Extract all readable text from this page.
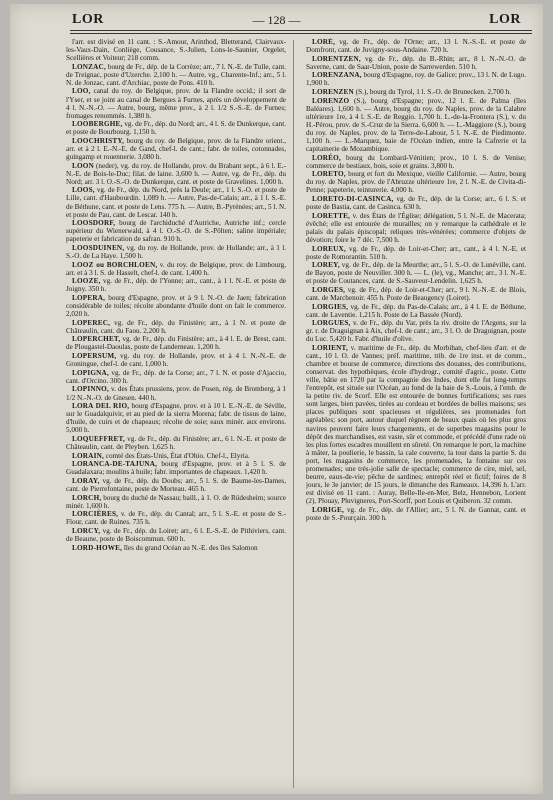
LOR	— 128 —	LOR

l'arr. est divisé en 11 cant. : S.-Amour, Arinthod, Bletterand, Clairvaux-les-Vaux-Dain, Conliège, Cousance, S.-Julien, Lons-le-Saunier, Orgelet, Scellières et Voiteur; 218 comm.

LONZAC, bourg de Fr., dép. de la Corrèze; arr., 7 l. N.-E. de Tulle, cant. de Treignac, poste d'Uzerche. 2,100 h. — Autre, vg., Charente-Inf.; arr., 5 l. N. de Jonzac, cant. d'Archiac, poste de Pons. 410 h.

LOO, canal du roy. de Belgique, prov. de la Flandre occid.; il sort de l'Yser, et se joint au canal de Bergues à Furnes, après un développement de 4 l. N.-N.-O. — Autre, bourg, même prov., à 2 l. 1/2 S.-S.-E. de Furnes; fromages renommés. 1,380 h.

LOOBERGHE, vg. de Fr., dép. du Nord; arr., 4 l. S. de Dunkerque, cant. et poste de Bourbourg. 1,150 h.

LOOCHRISTY, bourg du roy. de Belgique, prov. de la Flandre orient., arr. et à 2 l. E.-N.-E. de Gand, chef-l. de cant.; fabr. de toiles, cotonnades, guingamp et rouennerie. 3,080 h.

LOON (neder), vg. du roy. de Hollande, prov. du Brabant sept., à 6 l. E.-N.-E. de Bois-le-Duc; filat. de laine. 3,600 h. — Autre, vg. de Fr., dép. du Nord; arr. 3 l. O.-S.-O. de Dunkerque, cant. et poste de Gravelines. 1,000 h.

LOOS, vg. de Fr., dép. du Nord, près la Deule; arr., 1 l. S.-O. et poste de Lille, cant. d'Haubourdin. 1,089 h. — Autre, Pas-de-Calais; arr., à 1 l. S.-E. de Béthune, cant. et poste de Lens. 775 h. — Autre, B.-Pyrénées; arr., 5 l. N. et poste de Pau, cant. de Lescar. 140 h.

LOOSDORF, bourg de l'archiduché d'Autriche, Autriche inf.; cercle supérieur du Wienerwald, à 4 l. O.-S.-O. de S.-Pölten; saline impériale; papeterie et fabrication de safran. 910 h.

LOOSDUINEN, vg. du roy. de Hollande, prov. de Hollande; arr., à 1 l. S.-O. de La Haye. 1,500 h.

LOOZ ou BORCHLOEN, v. du roy. de Belgique, prov. de Limbourg, arr. et à 3 l. S. de Hasselt, chef-l. de cant. 1,400 h.

LOOZE, vg. de Fr., dép. de l'Yonne; arr., cant., à 1 l. N.-E. et poste de Joigny. 350 h.

LOPERA, bourg d'Espagne, prov. et à 9 l. N.-O. de Jaen; fabrication considérable de toiles; récolte abondante d'huile dont on fait le commerce. 2,020 h.

LOPEREC, vg. de Fr., dép. du Finistère; arr., à 1 N. et poste de Châteaulin, cant. du Faou. 2,200 h.

LOPERCHET, vg. de Fr., dép. du Finistère; arr., à 4 l. E. de Brest, cant. de Plougastel-Daoulas, poste de Landerneau. 1,200 h.

LOPERSUM, vg. du roy. de Hollande, prov. et à 4 l. N.-N.-E. de Groningue, chef-l. de cant. 1,000 h.

LOPIGNA, vg. de Fr., dép. de la Corse; arr., 7 l. N. et poste d'Ajaccio, cant. d'Orcino. 300 h.

LOPINNO, v. des États prussiens, prov. de Posen, rég. de Bromberg, à 1 1/2 N.-N.-O. de Gnesen. 440 h.

LORA DEL RIO, bourg d'Espagne, prov. et à 10 l. E.-N.-E. de Séville, sur le Guadalquivir, et au pied de la sierra Morena; fabr. de tissus de laine, d'huile, de cuirs et de chapeaux; récolte de soie; eaux minér. aux environs. 5,000 h.

LOQUEFFRET, vg. de Fr., dép. du Finistère; arr., 6 l. N.-E. et poste de Châteaulin, cant. de Pleyben. 1,625 h.

LORAIN, comté des États-Unis, État d'Ohio. Chef-l., Elyria.

LORANCA-DE-TAJUNA, bourg d'Espagne, prov. et à 5 l. S. de Guadalaxara; moulins à huile; fabr. importantes de chapeaux. 1,420 h.

LORAY, vg. de Fr., dép. du Doubs; arr., 5 l. S. de Baume-les-Dames, cant. de Pierrefontaine, poste de Morteau. 465 h.

LORCH, bourg du duché de Nassau; baill., à 1. O. de Rüdesheim; source minér. 1,600 h.

LORCIÈRES, v. de Fr., dép. du Cantal; arr., 5 l. S.-E. et poste de S.-Flour, cant. de Ruines. 735 h.

LORCY, vg. de Fr., dép. du Loiret; arr., 6 l. E.-S.-E. de Pithiviers, cant. de Beaune, poste de Boiscommun. 600 h.

LORD-HOWE, îles du grand Océan au N.-E. des îles Salomon

LORÉ, vg. de Fr., dép. de l'Orne; arr., 13 l. N.-S.-E. et poste de Domfront, cant. de Juvigny-sous-Andaine. 720 h.

LORENTZEN, vg. de Fr., dép. du B.-Rhin; arr., 8 l. N.-N.-O. de Saverne, cant. de Saar-Union, poste de Sarrewerden. 510 h.

LORENZANA, bourg d'Espagne, roy. de Galice; prov., 13 l. N. de Lugo. 1,900 h.

LORENZEN (S.), bourg du Tyrol, 1 l. S.-O. de Brunecken. 2,700 h.

LORENZO (S.), bourg d'Espagne; prov., 12 l. E. de Palma (îles Baléares). 1,600 h. — Autre, bourg du roy. de Naples, prov. de la Calabre ultérieure 1re, à 4 l. S.-E. de Reggio. 1,700 h. L.-de-la-Frontera (S.), v. du H.-Pérou, prov. de S.-Cruz de la Sierra. 6,600 h. — L.-Maggiore (S.), bourg du roy. de Naples, prov. de la Terre-de-Labour, 5 l. N.-E. de Piedimonte. 1,100 h. — L.-Marquez, baie de l'Océan indien, entre la Cafrerie et la capitainerie de Mozambique.

LORÉO, bourg du Lombard-Vénitien; prov., 10 l. S. de Venise; commerce de bestiaux, bois, soie et grains. 3,800 h.

LORETO, bourg et fort du Mexique, vieille Californie. — Autre, bourg du roy. de Naples, prov. de l'Abruzze ultérieure 1re, 2 l. N.-E. de Civita-di-Penne; papeterie, teinturerie. 4,000 h.

LORETO-DI-CASINCA, vg. de Fr., dép. de la Corse; arr., 6 l. S. et poste de Bastia, cant. de Casinca. 630 h.

LORETTE, v. des États de l'Église; délégation, 5 l. N.-E. de Macerata; évêché; elle est entourée de murailles; on y remarque la cathédrale et le palais du palais épiscopal; reliques très-vénérées; commerce d'objets de dévotion; foire le 7 déc. 7,500 h.

LOREUX, vg. de Fr., dép. de Loir-et-Cher; arr., cant., à 4 l. N.-E. et poste de Romorantin. 510 h.

LOREY, vg. de Fr., dép. de la Meurthe; arr., 5 l. S.-O. de Lunéville, cant. de Bayon, poste de Neuviller. 300 h. — L. (le), vg., Manche; arr., 3 l. N.-E. et poste de Coutances, cant. de S.-Sauveur-Lendelin. 1,625 h.

LORGES, vg. de Fr., dép. de Loir-et-Cher; arr., 9 l. N.-N.-E. de Blois, cant. de Marchenoir. 455 h. Poste de Beaugency (Loiret).

LORGIES, vg. de Fr., dép. du Pas-de-Calais; arr., à 4 l. E. de Béthune, cant. de Laventie. 1,215 h. Poste de La Bassée (Nord).

LORGUES, v. de Fr., dép. du Var, près la riv. droite de l'Argens, sur la gr. r. de Draguignan à Aix, chef-l. de cant.; arr., 3 l. O. de Draguignan, poste du Luc. 5,420 h. Fabr. d'huile d'olive.

LORIENT, v. maritime de Fr., dép. du Morbihan, chef-lieu d'arr. et de cant., 10 l. O. de Vannes; préf. maritime, trib. de 1re inst. et de comm., chambre et bourse de commerce, directions des douanes, des contributions, conservat. des hypothèques, école d'hydrogr., comité d'agric., poste. Cette ville, bâtie en 1720 par la compagnie des Indes, dont elle fut long-temps l'entrepôt, est située sur l'Océan, au fond de la baie de S.-Louis, à l'emb. de la petite riv. de Scorf. Elle est entourée de bonnes fortifications; ses rues sont larges, bien pavées, tirées au cordeau et bordées de belles maisons; ses places publiques sont spacieuses et régulières, ses promenades fort agréables; son port, autour duquel règnent de beaux quais où les plus gros navires peuvent faire leurs chargements, et de superbes magasins pour le dépôt des marchandises, est vaste, sûr et commode, et précédé d'une rade où les plus fortes escadres mouillent en sûreté. On remarque le port, la machine à mâter, la poulierie, le bassin, la cale couverte, la tour dans la partie S. du port, les magasins de commerce, les promenades, la fontaine sur ces promenades; une très-jolie salle de spectacle; commerce de cire, miel, sel, beurre, eaux-de-vie; pêche de sardines; entrepôt réel et fictif; foires de 8 jours, le 3e janvier; de 15 jours, le dimanche des Rameaux. 14,396 h. L'arr. est divisé en 11 cant. : Auray, Belle-Ile-en-Mer, Belz, Hennebon, Lorient (2), Plouay, Pluvigneres, Port-Scorff, port Louis et Quiberon. 32 comm.

LORIGE, vg. de Fr., dép. de l'Allier; arr., 5 l. N. de Gannat, cant. et poste de S.-Pourçain. 300 h.
